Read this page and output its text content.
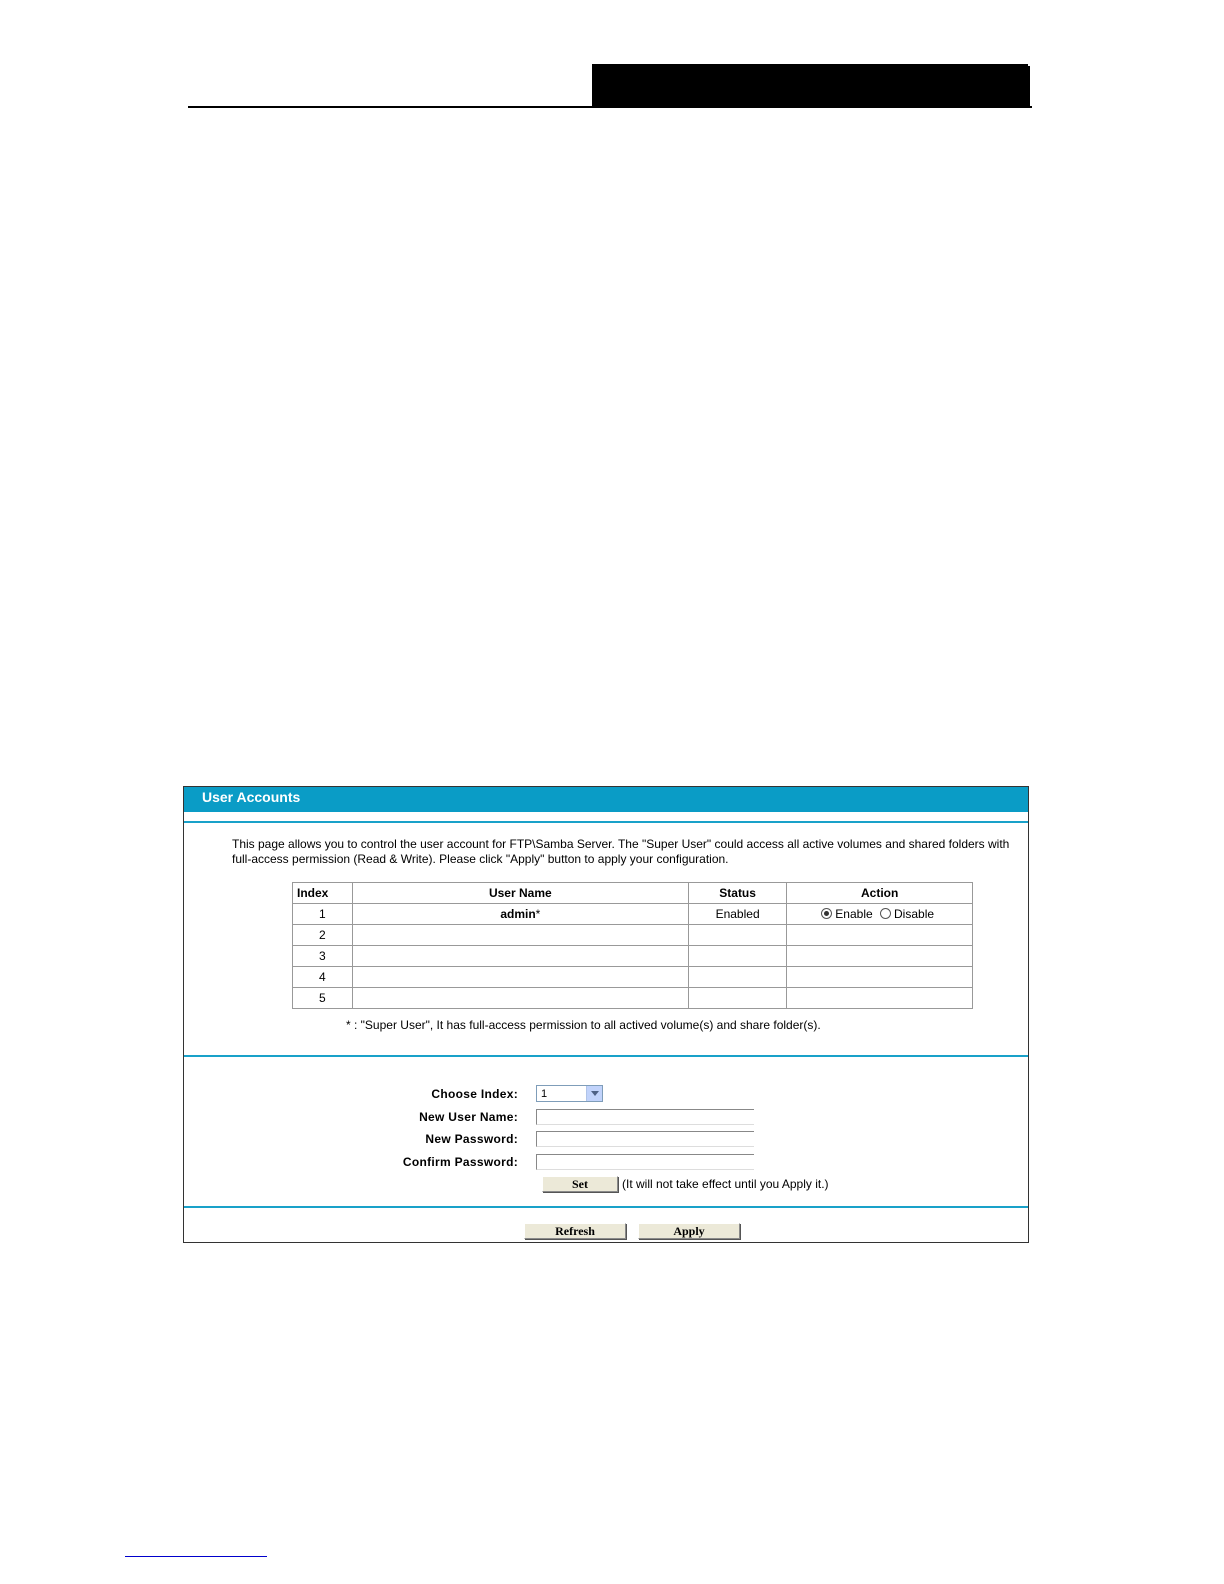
User Accounts
This page allows you to control the user account for FTP\Samba Server. The "Super User" could access all active volumes and shared folders with full-access permission (Read & Write). Please click "Apply" button to apply your configuration.
Index	User Name	Status	Action
1	admin*	Enabled	Enable Disable
2			
3			
4			
5			
* : "Super User", It has full-access permission to all actived volume(s) and share folder(s).
Choose Index:	1
New User Name:
New Password:
Confirm Password:
Set	(It will not take effect until you Apply it.)
Refresh	Apply
